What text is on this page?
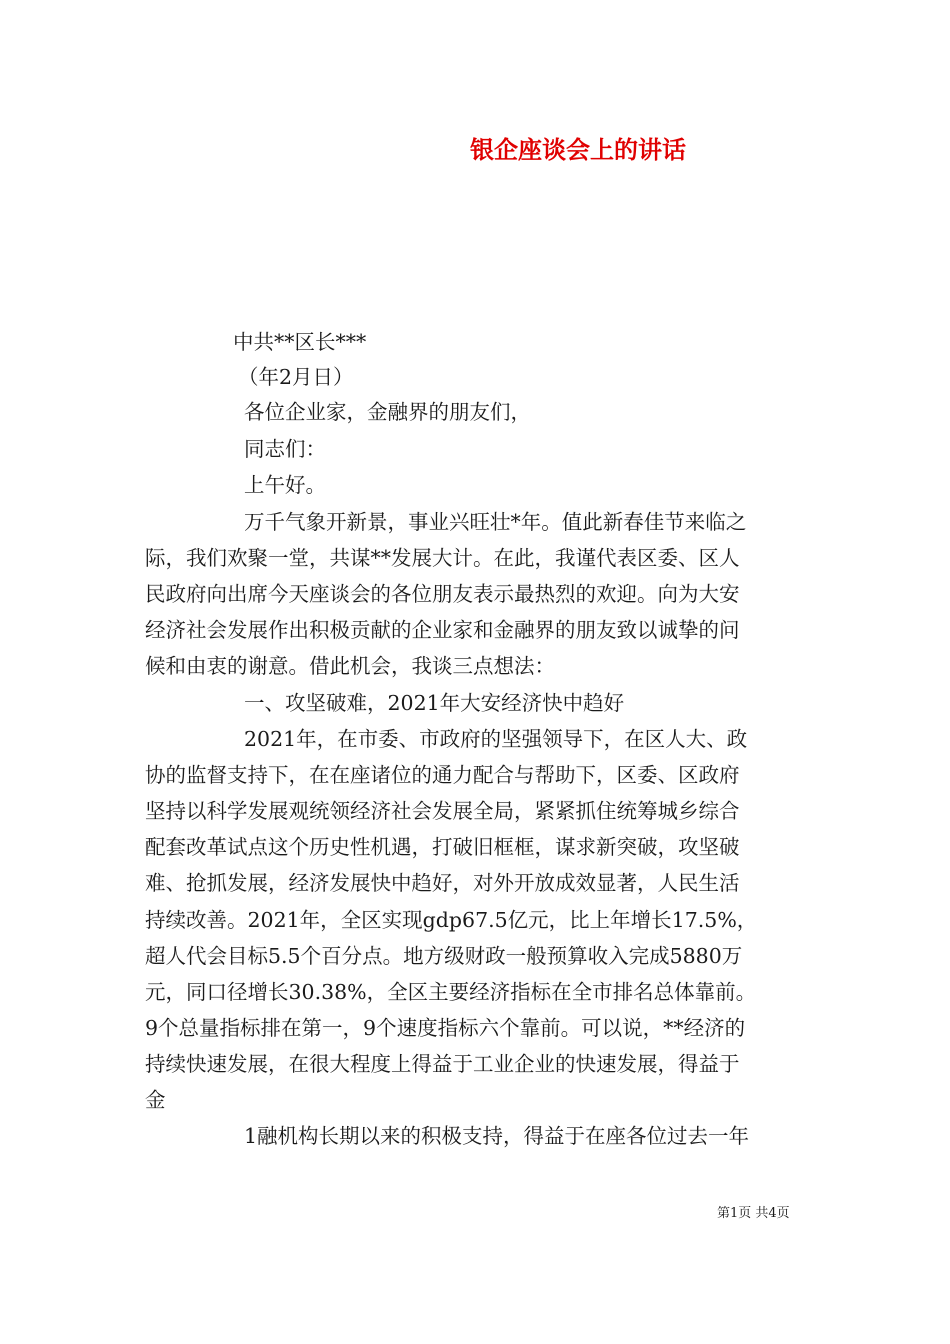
银企座谈会上的讲话
中共**区长***
（年2月日）
各位企业家，金融界的朋友们，
同志们：
上午好。
万千气象开新景，事业兴旺壮*年。值此新春佳节来临之
际，我们欢聚一堂，共谋**发展大计。在此，我谨代表区委、区人
民政府向出席今天座谈会的各位朋友表示最热烈的欢迎。向为大安
经济社会发展作出积极贡献的企业家和金融界的朋友致以诚挚的问
候和由衷的谢意。借此机会，我谈三点想法：
一、攻坚破难，2021年大安经济快中趋好
2021年，在市委、市政府的坚强领导下，在区人大、政
协的监督支持下，在在座诸位的通力配合与帮助下，区委、区政府
坚持以科学发展观统领经济社会发展全局，紧紧抓住统筹城乡综合
配套改革试点这个历史性机遇，打破旧框框，谋求新突破，攻坚破
难、抢抓发展，经济发展快中趋好，对外开放成效显著，人民生活
持续改善。2021年，全区实现gdp67.5亿元，比上年增长17.5%，
超人代会目标5.5个百分点。地方级财政一般预算收入完成5880万
元，同口径增长30.38%，全区主要经济指标在全市排名总体靠前。
9个总量指标排在第一，9个速度指标六个靠前。可以说，**经济的
持续快速发展，在很大程度上得益于工业企业的快速发展，得益于
金
1融机构长期以来的积极支持，得益于在座各位过去一年
第1页 共4页
